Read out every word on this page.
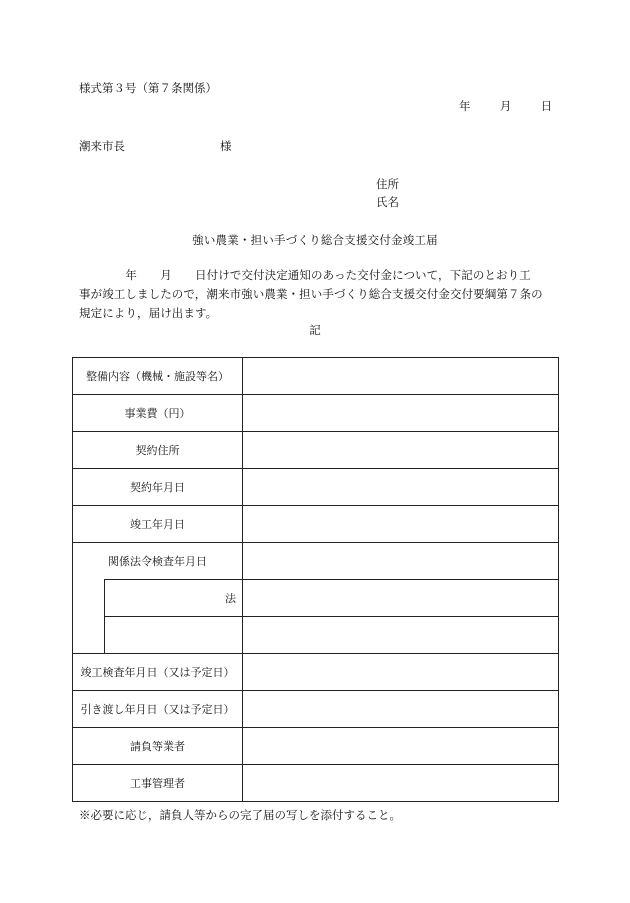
様式第３号（第７条関係）
年	月	日
潮来市長	様
住所
氏名
強い農業・担い手づくり総合支援交付金竣工届
　　　　年　　月　　日付けで交付決定通知のあった交付金について，下記のとおり工
事が竣工しましたので，潮来市強い農業・担い手づくり総合支援交付金交付要綱第７条の
規定により，届け出ます。
記
整備内容（機械・施設等名）		
事業費（円）		
契約住所		
契約年月日		
竣工年月日		
関係法令検査年月日		
	法	

竣工検査年月日（又は予定日）		
引き渡し年月日（又は予定日）		
請負等業者		
工事管理者		
※必要に応じ，請負人等からの完了届の写しを添付すること。
